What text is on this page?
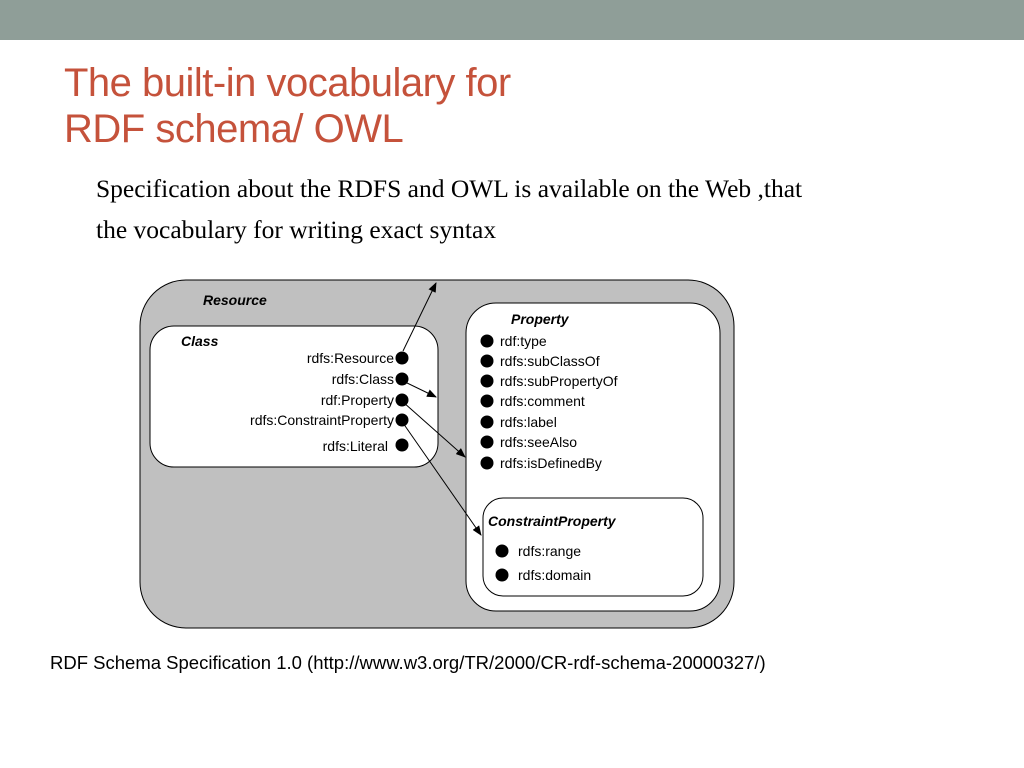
The built-in vocabulary for
RDF schema/ OWL
Specification about the RDFS and OWL is available on the Web ,that
the vocabulary for writing exact syntax
Resource
Class
rdfs:Resource
rdfs:Class
rdf:Property
rdfs:ConstraintProperty
rdfs:Literal
Property
rdf:type
rdfs:subClassOf
rdfs:subPropertyOf
rdfs:comment
rdfs:label
rdfs:seeAlso
rdfs:isDefinedBy
ConstraintProperty
rdfs:range
rdfs:domain
RDF Schema Specification 1.0 (http://www.w3.org/TR/2000/CR-rdf-schema-20000327/)
